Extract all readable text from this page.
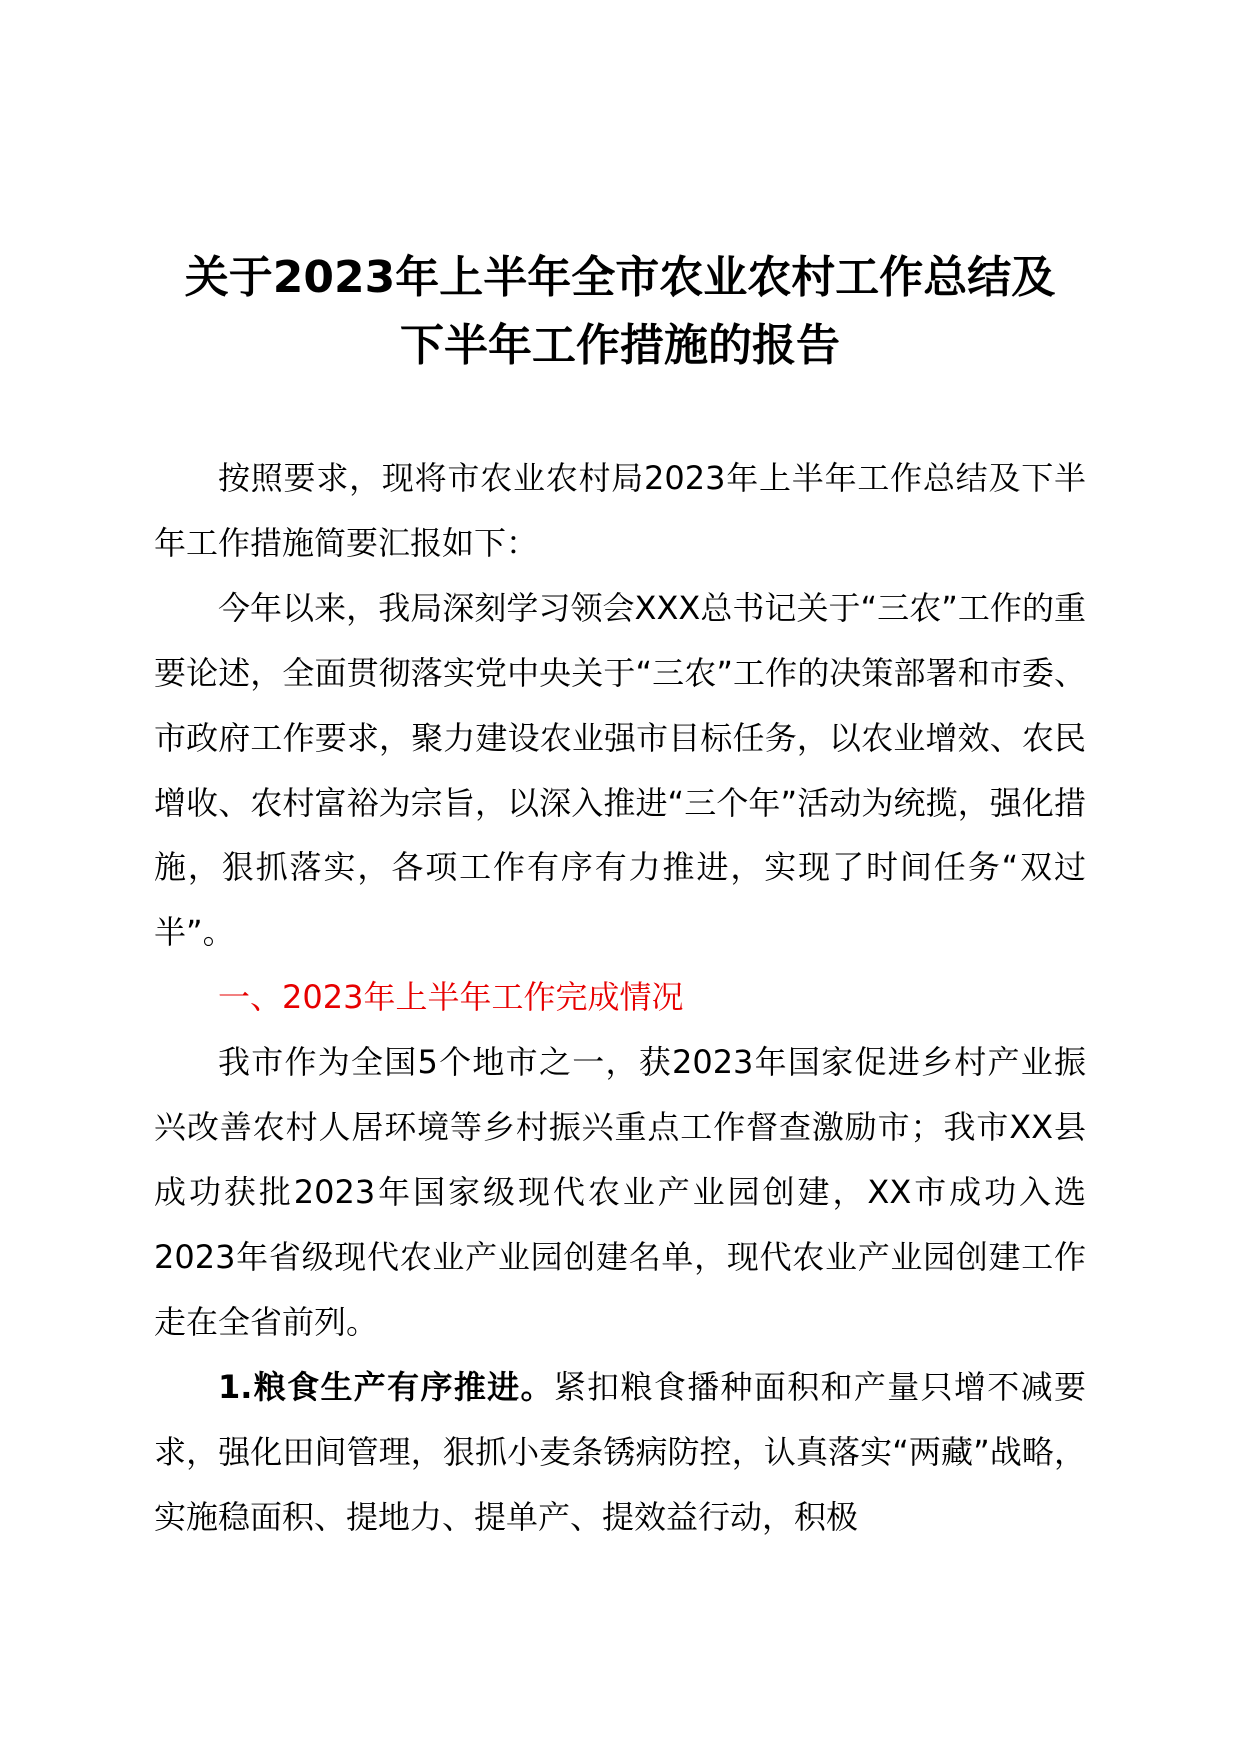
关于2023年上半年全市农业农村工作总结及
下半年工作措施的报告

按照要求，现将市农业农村局2023年上半年工作总结及下半年工作措施简要汇报如下：

今年以来，我局深刻学习领会XXX总书记关于“三农”工作的重要论述，全面贯彻落实党中央关于“三农”工作的决策部署和市委、市政府工作要求，聚力建设农业强市目标任务，以农业增效、农民增收、农村富裕为宗旨，以深入推进“三个年”活动为统揽，强化措施，狠抓落实，各项工作有序有力推进，实现了时间任务“双过半”。

一、2023年上半年工作完成情况

我市作为全国5个地市之一，获2023年国家促进乡村产业振兴改善农村人居环境等乡村振兴重点工作督查激励市；我市XX县成功获批2023年国家级现代农业产业园创建，XX市成功入选2023年省级现代农业产业园创建名单，现代农业产业园创建工作走在全省前列。

1.粮食生产有序推进。紧扣粮食播种面积和产量只增不减要求，强化田间管理，狠抓小麦条锈病防控，认真落实“两藏”战略，实施稳面积、提地力、提单产、提效益行动，积极
